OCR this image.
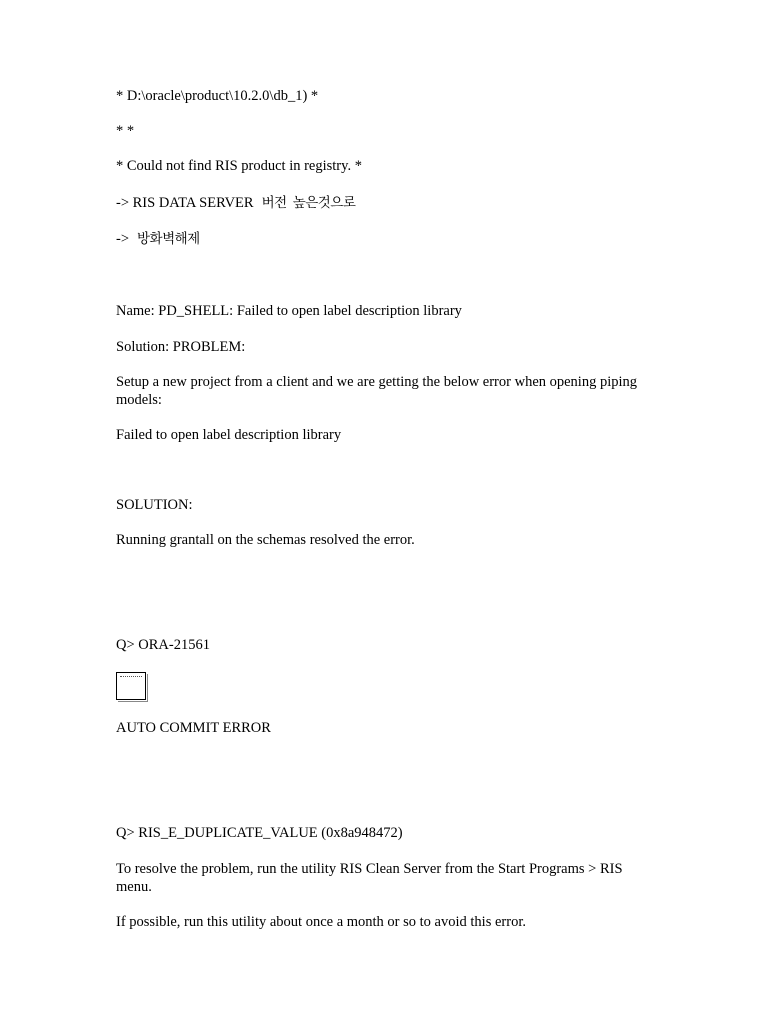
* D:\oracle\product\10.2.0\db_1) *
* *
* Could not find RIS product in registry. *
-> RIS DATA SERVER 버전 높은것으로
-> 방화벽해제
Name: PD_SHELL: Failed to open label description library
Solution: PROBLEM:
Setup a new project from a client and we are getting the below error when opening piping models:
Failed to open label description library
SOLUTION:
Running grantall on the schemas resolved the error.
Q> ORA-21561
AUTO COMMIT ERROR
Q> RIS_E_DUPLICATE_VALUE (0x8a948472)
To resolve the problem, run the utility RIS Clean Server from the Start Programs > RIS menu.
If possible, run this utility about once a month or so to avoid this error.
